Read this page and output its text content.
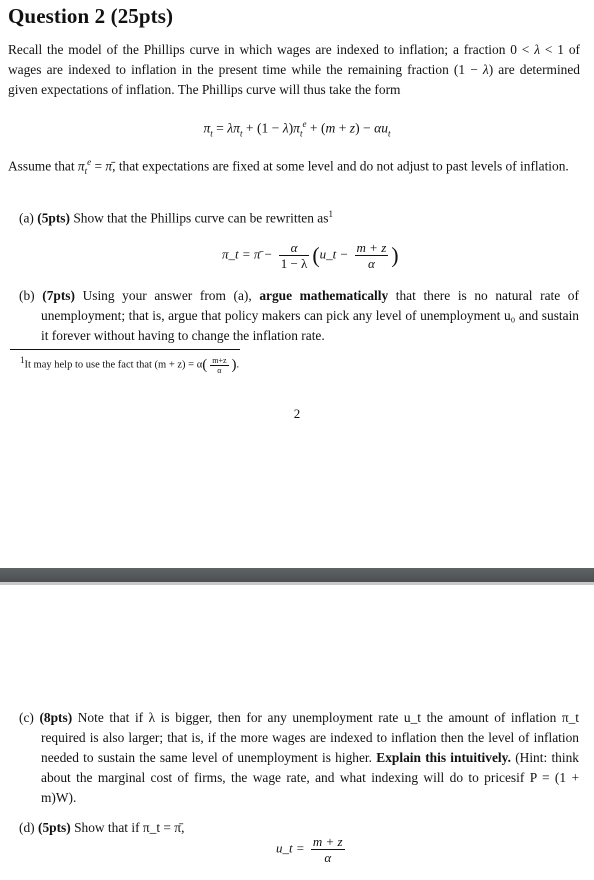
Question 2 (25pts)

Recall the model of the Phillips curve in which wages are indexed to inflation; a fraction 0 < λ < 1 of wages are indexed to inflation in the present time while the remaining fraction (1 − λ) are determined given expectations of inflation. The Phillips curve will thus take the form

$\pi_t = \lambda\pi_t + (1 - \lambda)\pi_t^e + (m + z) - \alpha u_t$

Assume that $\pi_t^e$ = π̄, that expectations are fixed at some level and do not adjust to past levels of inflation.

(a) (5pts) Show that the Phillips curve can be rewritten $as^1$

π_t = π̄ − $\frac{\alpha}{1 - \lambda}$ (u_t − $\frac{m + z}{\alpha}$ )

(b) (7pts) Using your answer from (a), argue mathematically that there is no natural rate of unemployment; that is, argue that policy makers can pick any level of unemployment u₀ and sustain it forever without having to change the inflation rate.

$^1$It may help to use the fact that $(m + z) = \alpha( \frac{m+z}{\alpha}$ ).
2

(c) (8pts) Note that if λ is bigger, then for any unemployment rate u_t the amount of inflation π_t required is also larger; that is, if the more wages are indexed to inflation then the level of inflation needed to sustain the same level of unemployment is higher. Explain this intuitively. (Hint: think about the marginal cost of firms, the wage rate, and what indexing will do to pricesif P = (1 + m)W).

(d) (5pts) Show that if π_t = π̄,

u_t = $\frac{m + z}{\alpha}$
